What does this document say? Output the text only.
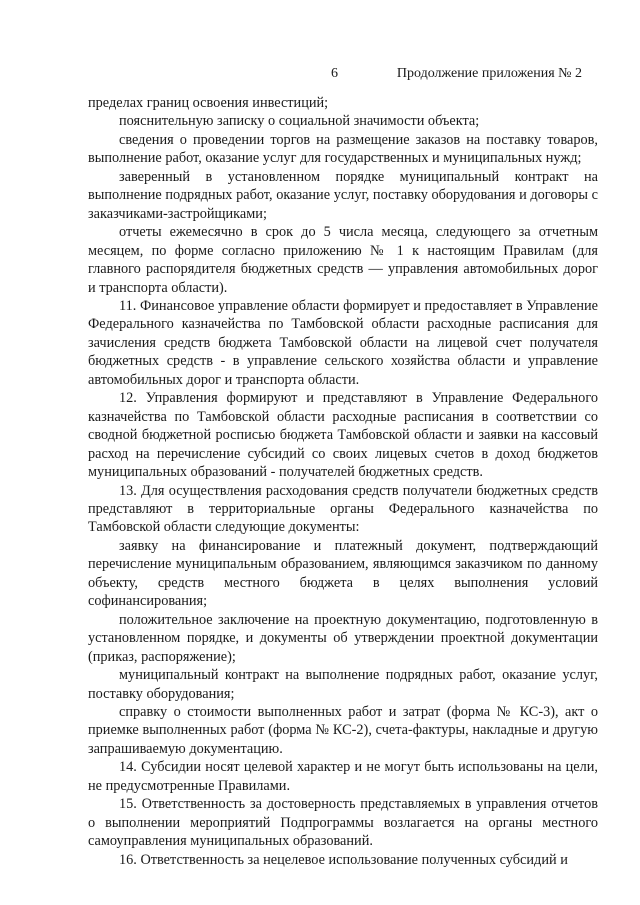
6	Продолжение приложения № 2

пределах границ освоения инвестиций;

пояснительную записку о социальной значимости объекта;

сведения о проведении торгов на размещение заказов на поставку товаров, выполнение работ, оказание услуг для государственных и муниципальных нужд;

заверенный в установленном порядке муниципальный контракт на выполнение подрядных работ, оказание услуг, поставку оборудования и договоры с заказчиками-застройщиками;

отчеты ежемесячно в срок до 5 числа месяца, следующего за отчетным месяцем, по форме согласно приложению № 1 к настоящим Правилам (для главного распорядителя бюджетных средств — управления автомобильных дорог и транспорта области).

11. Финансовое управление области формирует и предоставляет в Управление Федерального казначейства по Тамбовской области расходные расписания для зачисления средств бюджета Тамбовской области на лицевой счет получателя бюджетных средств - в управление сельского хозяйства области и управление автомобильных дорог и транспорта области.

12. Управления формируют и представляют в Управление Федерального казначейства по Тамбовской области расходные расписания в соответствии со сводной бюджетной росписью бюджета Тамбовской области и заявки на кассовый расход на перечисление субсидий со своих лицевых счетов в доход бюджетов муниципальных образований - получателей бюджетных средств.

13. Для осуществления расходования средств получатели бюджетных средств представляют в территориальные органы Федерального казначейства по Тамбовской области следующие документы:

заявку на финансирование и платежный документ, подтверждающий перечисление муниципальным образованием, являющимся заказчиком по данному объекту, средств местного бюджета в целях выполнения условий софинансирования;

положительное заключение на проектную документацию, подготовленную в установленном порядке, и документы об утверждении проектной документации (приказ, распоряжение);

муниципальный контракт на выполнение подрядных работ, оказание услуг, поставку оборудования;

справку о стоимости выполненных работ и затрат (форма № КС-3), акт о приемке выполненных работ (форма № КС-2), счета-фактуры, накладные и другую запрашиваемую документацию.

14. Субсидии носят целевой характер и не могут быть использованы на цели, не предусмотренные Правилами.

15. Ответственность за достоверность представляемых в управления отчетов о выполнении мероприятий Подпрограммы возлагается на органы местного самоуправления муниципальных образований.

16. Ответственность за нецелевое использование полученных субсидий и
